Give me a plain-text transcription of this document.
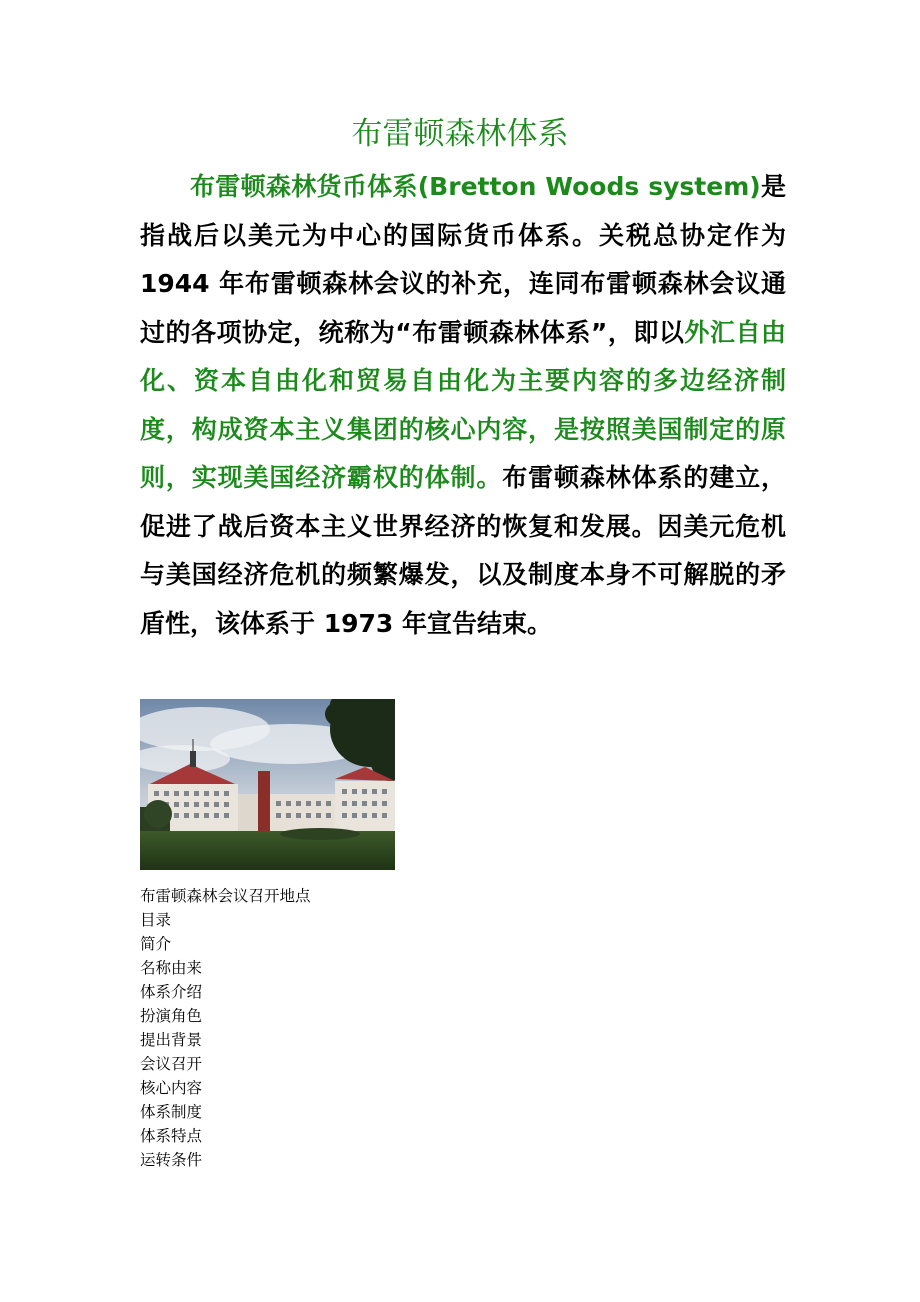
布雷顿森林体系

布雷顿森林货币体系(Bretton Woods system)是指战后以美元为中心的国际货币体系。关税总协定作为 1944 年布雷顿森林会议的补充，连同布雷顿森林会议通过的各项协定，统称为“布雷顿森林体系”，即以外汇自由化、资本自由化和贸易自由化为主要内容的多边经济制度，构成资本主义集团的核心内容，是按照美国制定的原则，实现美国经济霸权的体制。布雷顿森林体系的建立，促进了战后资本主义世界经济的恢复和发展。因美元危机与美国经济危机的频繁爆发，以及制度本身不可解脱的矛盾性，该体系于 1973 年宣告结束。

布雷顿森林会议召开地点

目录
简介
名称由来
体系介绍
扮演角色
提出背景
会议召开
核心内容
体系制度
体系特点
运转条件
